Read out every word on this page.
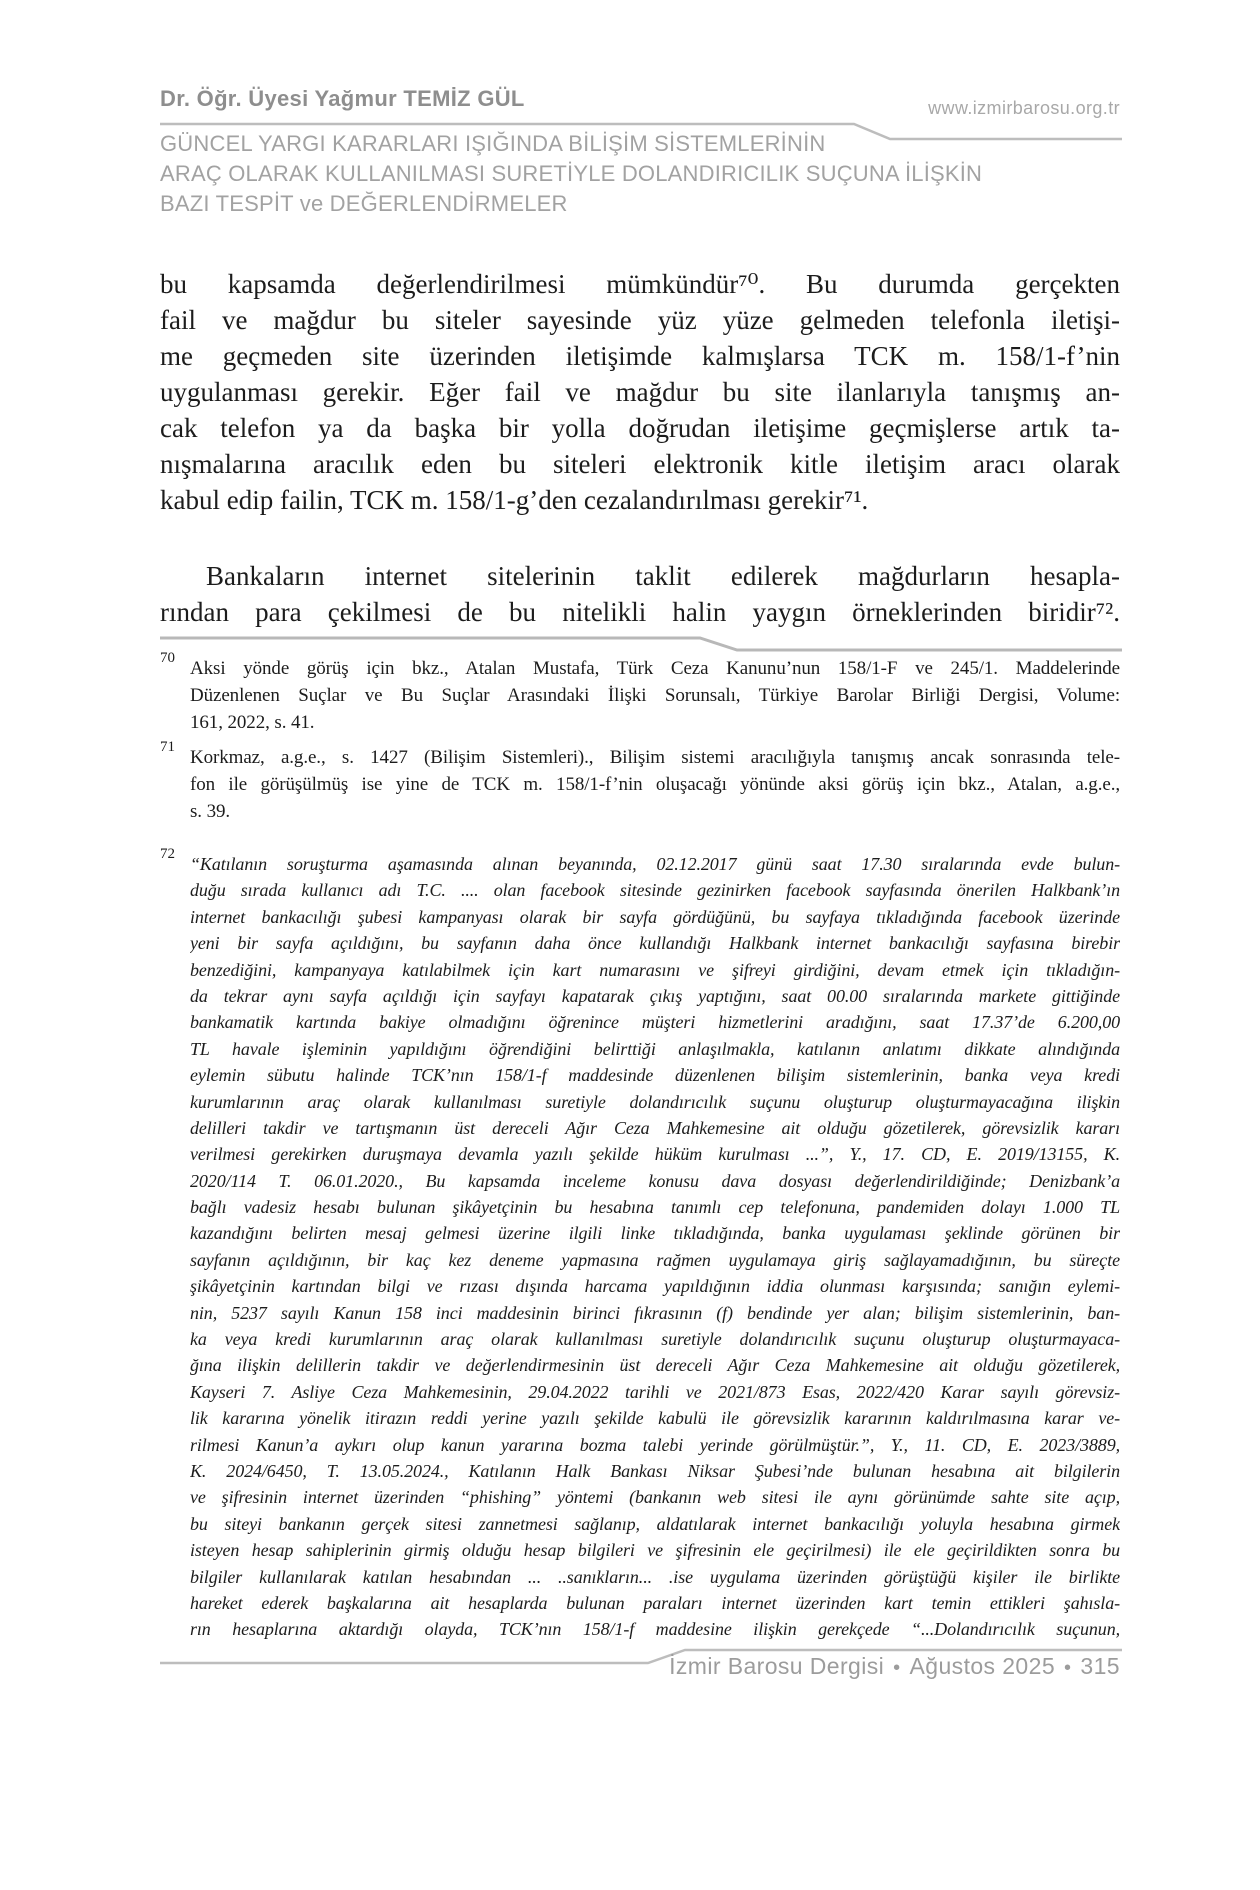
Dr. Öğr. Üyesi Yağmur TEMİZ GÜL	www.izmirbarosu.org.tr
GÜNCEL YARGI KARARLARI IŞIĞINDA BİLİŞİM SİSTEMLERİNİN
ARAÇ OLARAK KULLANILMASI SURETİYLE DOLANDIRICILIK SUÇUNA İLİŞKİN
BAZI TESPİT ve DEĞERLENDİRMELER
bu kapsamda değerlendirilmesi mümkündür⁷⁰. Bu durumda gerçekten
fail ve mağdur bu siteler sayesinde yüz yüze gelmeden telefonla iletişi-
me geçmeden site üzerinden iletişimde kalmışlarsa TCK m. 158/1-f’nin
uygulanması gerekir. Eğer fail ve mağdur bu site ilanlarıyla tanışmış an-
cak telefon ya da başka bir yolla doğrudan iletişime geçmişlerse artık ta-
nışmalarına aracılık eden bu siteleri elektronik kitle iletişim aracı olarak
kabul edip failin, TCK m. 158/1-g’den cezalandırılması gerekir⁷¹.
Bankaların internet sitelerinin taklit edilerek mağdurların hesapla-
rından para çekilmesi de bu nitelikli halin yaygın örneklerinden biridir⁷².
70 Aksi yönde görüş için bkz., Atalan Mustafa, Türk Ceza Kanunu’nun 158/1-F ve 245/1. Maddelerinde
Düzenlenen Suçlar ve Bu Suçlar Arasındaki İlişki Sorunsalı, Türkiye Barolar Birliği Dergisi, Volume:
161, 2022, s. 41.
71 Korkmaz, a.g.e., s. 1427 (Bilişim Sistemleri)., Bilişim sistemi aracılığıyla tanışmış ancak sonrasında tele-
fon ile görüşülmüş ise yine de TCK m. 158/1-f’nin oluşacağı yönünde aksi görüş için bkz., Atalan, a.g.e.,
s. 39.
72 “Katılanın soruşturma aşamasında alınan beyanında, 02.12.2017 günü saat 17.30 sıralarında evde bulun-
duğu sırada kullanıcı adı T.C. .... olan facebook sitesinde gezinirken facebook sayfasında önerilen Halkbank’ın
internet bankacılığı şubesi kampanyası olarak bir sayfa gördüğünü, bu sayfaya tıkladığında facebook üzerinde
yeni bir sayfa açıldığını, bu sayfanın daha önce kullandığı Halkbank internet bankacılığı sayfasına birebir
benzediğini, kampanyaya katılabilmek için kart numarasını ve şifreyi girdiğini, devam etmek için tıkladığın-
da tekrar aynı sayfa açıldığı için sayfayı kapatarak çıkış yaptığını, saat 00.00 sıralarında markete gittiğinde
bankamatik kartında bakiye olmadığını öğrenince müşteri hizmetlerini aradığını, saat 17.37’de 6.200,00
TL havale işleminin yapıldığını öğrendiğini belirttiği anlaşılmakla, katılanın anlatımı dikkate alındığında
eylemin sübutu halinde TCK’nın 158/1-f maddesinde düzenlenen bilişim sistemlerinin, banka veya kredi
kurumlarının araç olarak kullanılması suretiyle dolandırıcılık suçunu oluşturup oluşturmayacağına ilişkin
delilleri takdir ve tartışmanın üst dereceli Ağır Ceza Mahkemesine ait olduğu gözetilerek, görevsizlik kararı
verilmesi gerekirken duruşmaya devamla yazılı şekilde hüküm kurulması ...”, Y., 17. CD, E. 2019/13155, K.
2020/114 T. 06.01.2020., Bu kapsamda inceleme konusu dava dosyası değerlendirildiğinde; Denizbank’a
bağlı vadesiz hesabı bulunan şikâyetçinin bu hesabına tanımlı cep telefonuna, pandemiden dolayı 1.000 TL
kazandığını belirten mesaj gelmesi üzerine ilgili linke tıkladığında, banka uygulaması şeklinde görünen bir
sayfanın açıldığının, bir kaç kez deneme yapmasına rağmen uygulamaya giriş sağlayamadığının, bu süreçte
şikâyetçinin kartından bilgi ve rızası dışında harcama yapıldığının iddia olunması karşısında; sanığın eylemi-
nin, 5237 sayılı Kanun 158 inci maddesinin birinci fıkrasının (f) bendinde yer alan; bilişim sistemlerinin, ban-
ka veya kredi kurumlarının araç olarak kullanılması suretiyle dolandırıcılık suçunu oluşturup oluşturmayaca-
ğına ilişkin delillerin takdir ve değerlendirmesinin üst dereceli Ağır Ceza Mahkemesine ait olduğu gözetilerek,
Kayseri 7. Asliye Ceza Mahkemesinin, 29.04.2022 tarihli ve 2021/873 Esas, 2022/420 Karar sayılı görevsiz-
lik kararına yönelik itirazın reddi yerine yazılı şekilde kabulü ile görevsizlik kararının kaldırılmasına karar ve-
rilmesi Kanun’a aykırı olup kanun yararına bozma talebi yerinde görülmüştür.”, Y., 11. CD, E. 2023/3889,
K. 2024/6450, T. 13.05.2024., Katılanın Halk Bankası Niksar Şubesi’nde bulunan hesabına ait bilgilerin
ve şifresinin internet üzerinden “phishing” yöntemi (bankanın web sitesi ile aynı görünümde sahte site açıp,
bu siteyi bankanın gerçek sitesi zannetmesi sağlanıp, aldatılarak internet bankacılığı yoluyla hesabına girmek
isteyen hesap sahiplerinin girmiş olduğu hesap bilgileri ve şifresinin ele geçirilmesi) ile ele geçirildikten sonra bu
bilgiler kullanılarak katılan hesabından ... ..sanıkların... .ise uygulama üzerinden görüştüğü kişiler ile birlikte
hareket ederek başkalarına ait hesaplarda bulunan paraları internet üzerinden kart temin ettikleri şahısla-
rın hesaplarına aktardığı olayda, TCK’nın 158/1-f maddesine ilişkin gerekçede “...Dolandırıcılık suçunun,
İzmir Barosu Dergisi • Ağustos 2025 • 315
